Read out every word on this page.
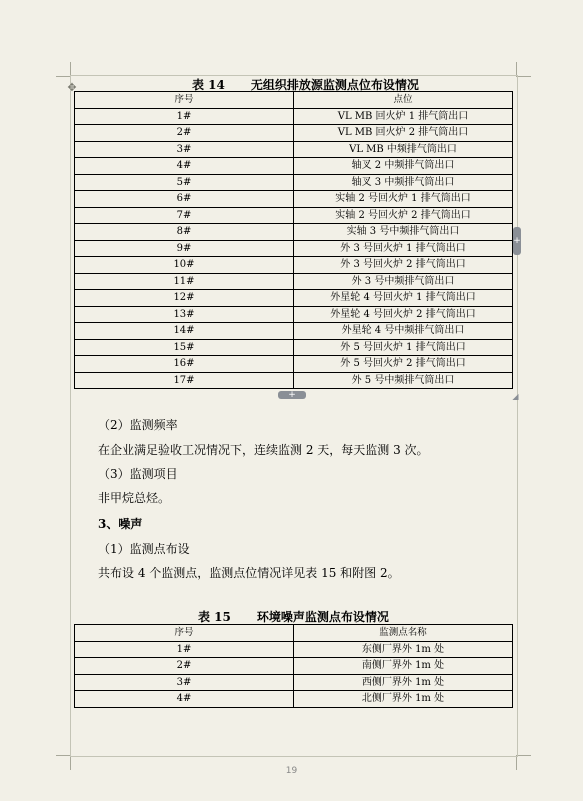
表 14 无组织排放源监测点位布设情况
✥
序号	点位
1#	VL MB 回火炉 1 排气筒出口
2#	VL MB 回火炉 2 排气筒出口
3#	VL MB 中频排气筒出口
4#	轴叉 2 中频排气筒出口
5#	轴叉 3 中频排气筒出口
6#	实轴 2 号回火炉 1 排气筒出口
7#	实轴 2 号回火炉 2 排气筒出口
8#	实轴 3 号中频排气筒出口
9#	外 3 号回火炉 1 排气筒出口
10#	外 3 号回火炉 2 排气筒出口
11#	外 3 号中频排气筒出口
12#	外星轮 4 号回火炉 1 排气筒出口
13#	外星轮 4 号回火炉 2 排气筒出口
14#	外星轮 4 号中频排气筒出口
15#	外 5 号回火炉 1 排气筒出口
16#	外 5 号回火炉 2 排气筒出口
17#	外 5 号中频排气筒出口
+
+
◢
（2）监测频率
在企业满足验收工况情况下，连续监测 2 天，每天监测 3 次。
（3）监测项目
非甲烷总烃。
3、噪声
（1）监测点布设
共布设 4 个监测点，监测点位情况详见表 15 和附图 2。
表 15 环境噪声监测点布设情况
序号	监测点名称
1#	东侧厂界外 1m 处
2#	南侧厂界外 1m 处
3#	西侧厂界外 1m 处
4#	北侧厂界外 1m 处
19
